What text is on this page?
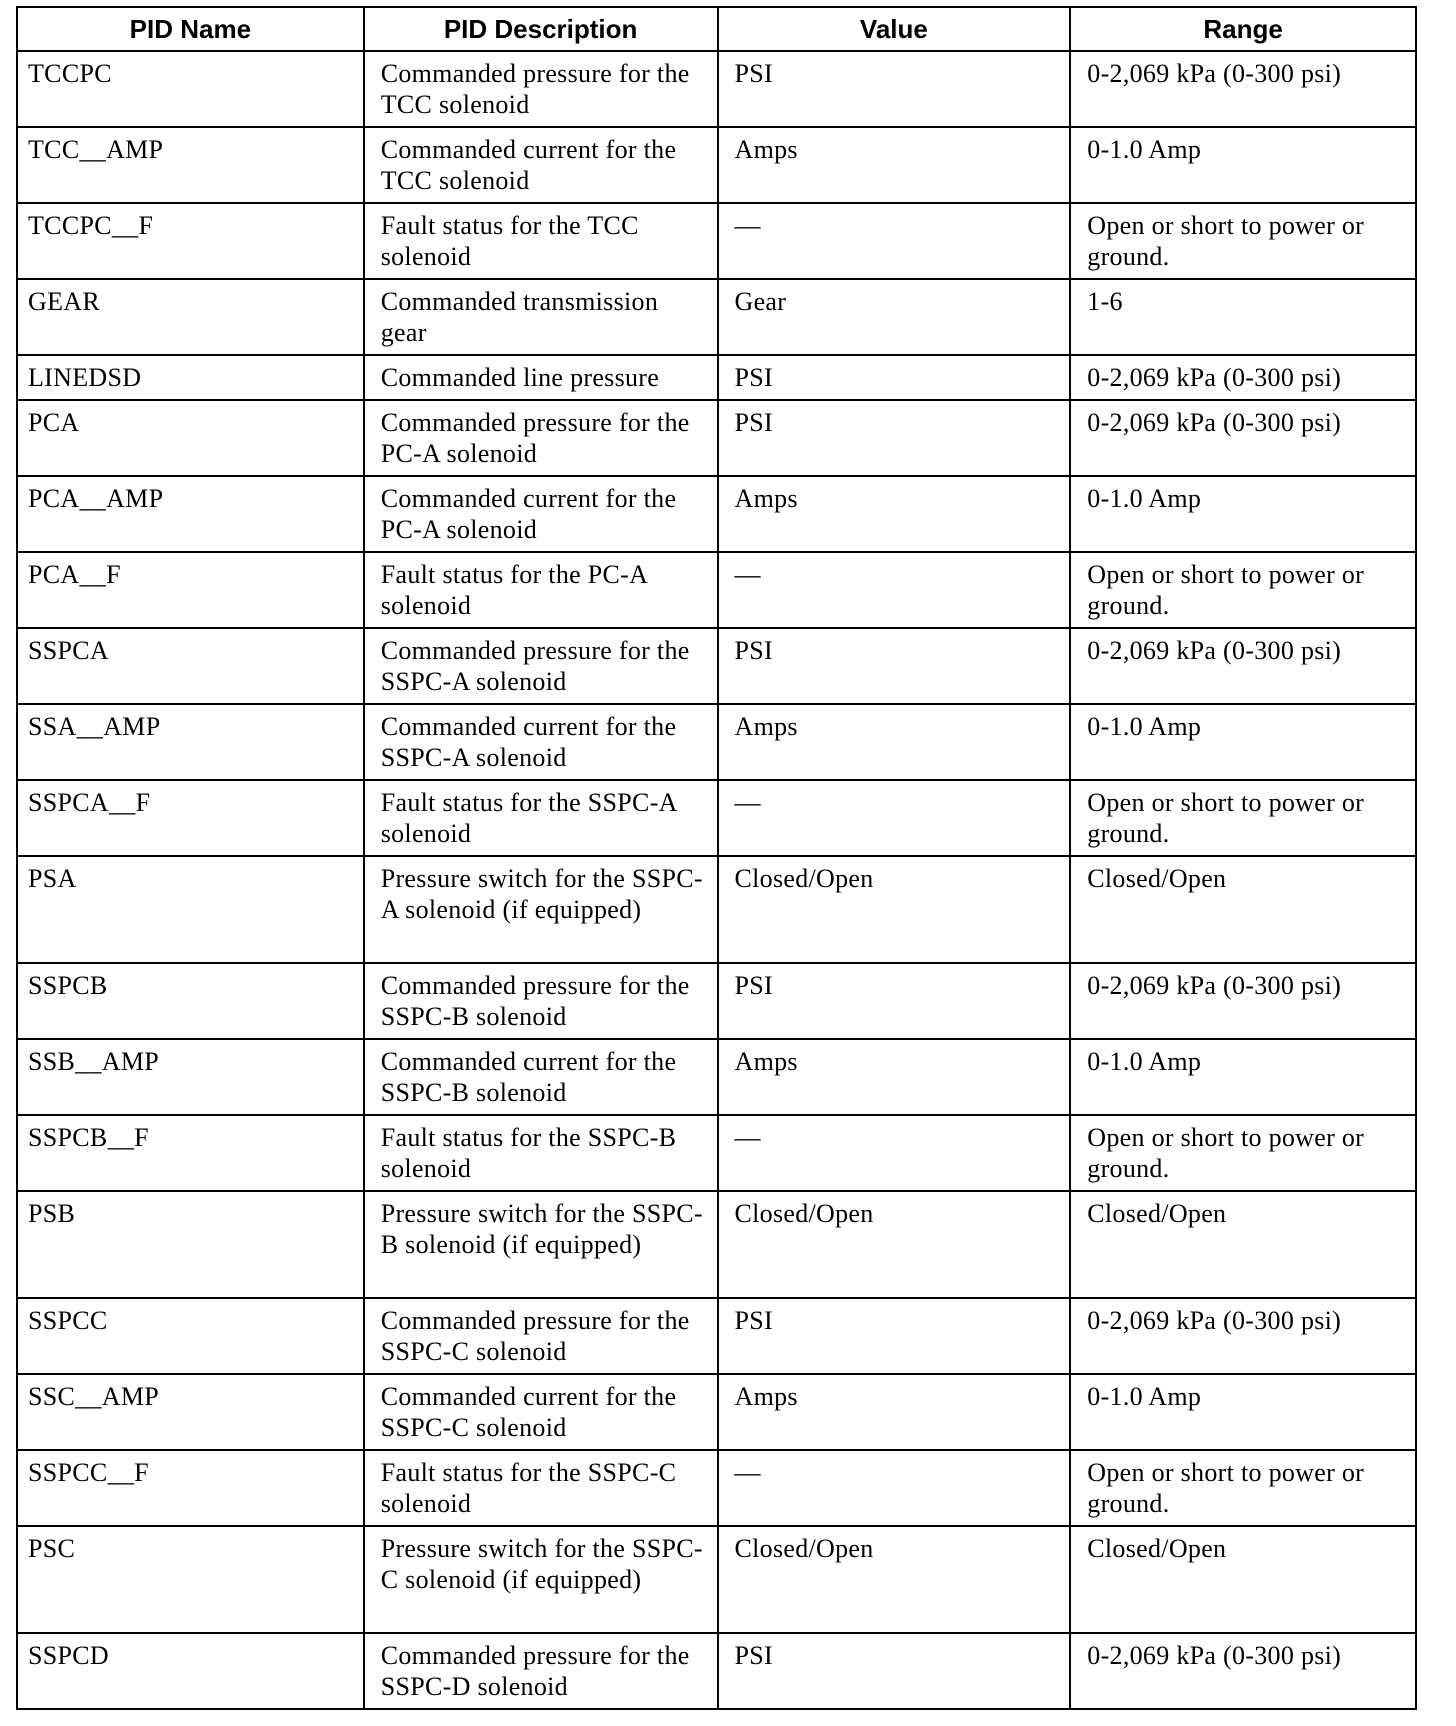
PID Name	PID Description	Value	Range
TCCPC	Commanded pressure for the TCC solenoid	PSI	0-2,069 kPa (0-300 psi)
TCC__AMP	Commanded current for the TCC solenoid	Amps	0-1.0 Amp
TCCPC__F	Fault status for the TCC solenoid	—	Open or short to power or ground.
GEAR	Commanded transmission gear	Gear	1-6
LINEDSD	Commanded line pressure	PSI	0-2,069 kPa (0-300 psi)
PCA	Commanded pressure for the PC-A solenoid	PSI	0-2,069 kPa (0-300 psi)
PCA__AMP	Commanded current for the PC-A solenoid	Amps	0-1.0 Amp
PCA__F	Fault status for the PC-A solenoid	—	Open or short to power or ground.
SSPCA	Commanded pressure for the SSPC-A solenoid	PSI	0-2,069 kPa (0-300 psi)
SSA__AMP	Commanded current for the SSPC-A solenoid	Amps	0-1.0 Amp
SSPCA__F	Fault status for the SSPC-A solenoid	—	Open or short to power or ground.
PSA	Pressure switch for the SSPC-A solenoid (if equipped)	Closed/Open	Closed/Open
SSPCB	Commanded pressure for the SSPC-B solenoid	PSI	0-2,069 kPa (0-300 psi)
SSB__AMP	Commanded current for the SSPC-B solenoid	Amps	0-1.0 Amp
SSPCB__F	Fault status for the SSPC-B solenoid	—	Open or short to power or ground.
PSB	Pressure switch for the SSPC-B solenoid (if equipped)	Closed/Open	Closed/Open
SSPCC	Commanded pressure for the SSPC-C solenoid	PSI	0-2,069 kPa (0-300 psi)
SSC__AMP	Commanded current for the SSPC-C solenoid	Amps	0-1.0 Amp
SSPCC__F	Fault status for the SSPC-C solenoid	—	Open or short to power or ground.
PSC	Pressure switch for the SSPC-C solenoid (if equipped)	Closed/Open	Closed/Open
SSPCD	Commanded pressure for the SSPC-D solenoid	PSI	0-2,069 kPa (0-300 psi)
